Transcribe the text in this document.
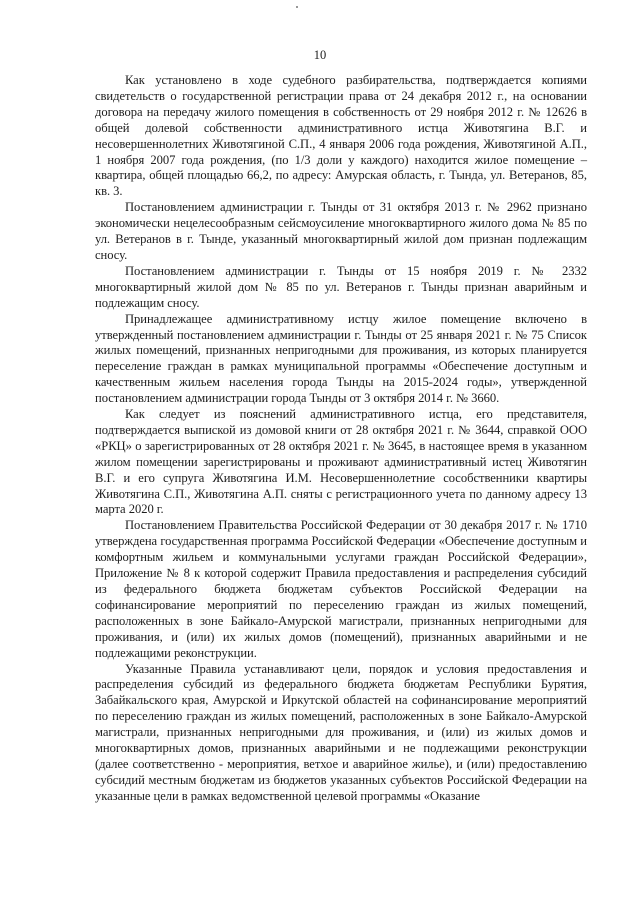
10

Как установлено в ходе судебного разбирательства, подтверждается копиями свидетельств о государственной регистрации права от 24 декабря 2012 г., на основании договора на передачу жилого помещения в собственность от 29 ноября 2012 г. № 12626 в общей долевой собственности административного истца Животягина В.Г. и несовершеннолетних Животягиной С.П., 4 января 2006 года рождения, Животягиной А.П., 1 ноября 2007 года рождения, (по 1/3 доли у каждого) находится жилое помещение – квартира, общей площадью 66,2, по адресу: Амурская область, г. Тында, ул. Ветеранов, 85, кв. 3.

Постановлением администрации г. Тынды от 31 октября 2013 г. № 2962 признано экономически нецелесообразным сейсмоусиление многоквартирного жилого дома № 85 по ул. Ветеранов в г. Тынде, указанный многоквартирный жилой дом признан подлежащим сносу.

Постановлением администрации г. Тынды от 15 ноября 2019 г. № 2332 многоквартирный жилой дом № 85 по ул. Ветеранов г. Тынды признан аварийным и подлежащим сносу.

Принадлежащее административному истцу жилое помещение включено в утвержденный постановлением администрации г. Тынды от 25 января 2021 г. № 75 Список жилых помещений, признанных непригодными для проживания, из которых планируется переселение граждан в рамках муниципальной программы «Обеспечение доступным и качественным жильем населения города Тынды на 2015-2024 годы», утвержденной постановлением администрации города Тынды от 3 октября 2014 г. № 3660.

Как следует из пояснений административного истца, его представителя, подтверждается выпиской из домовой книги от 28 октября 2021 г. № 3644, справкой ООО «РКЦ» о зарегистрированных от 28 октября 2021 г. № 3645, в настоящее время в указанном жилом помещении зарегистрированы и проживают административный истец Животягин В.Г. и его супруга Животягина И.М. Несовершеннолетние сособственники квартиры Животягина С.П., Животягина А.П. сняты с регистрационного учета по данному адресу 13 марта 2020 г.

Постановлением Правительства Российской Федерации от 30 декабря 2017 г. № 1710 утверждена государственная программа Российской Федерации «Обеспечение доступным и комфортным жильем и коммунальными услугами граждан Российской Федерации», Приложение № 8 к которой содержит Правила предоставления и распределения субсидий из федерального бюджета бюджетам субъектов Российской Федерации на софинансирование мероприятий по переселению граждан из жилых помещений, расположенных в зоне Байкало-Амурской магистрали, признанных непригодными для проживания, и (или) их жилых домов (помещений), признанных аварийными и не подлежащими реконструкции.

Указанные Правила устанавливают цели, порядок и условия предоставления и распределения субсидий из федерального бюджета бюджетам Республики Бурятия, Забайкальского края, Амурской и Иркутской областей на софинансирование мероприятий по переселению граждан из жилых помещений, расположенных в зоне Байкало-Амурской магистрали, признанных непригодными для проживания, и (или) из жилых домов и многоквартирных домов, признанных аварийными и не подлежащими реконструкции (далее соответственно - мероприятия, ветхое и аварийное жилье), и (или) предоставлению субсидий местным бюджетам из бюджетов указанных субъектов Российской Федерации на указанные цели в рамках ведомственной целевой программы «Оказание
